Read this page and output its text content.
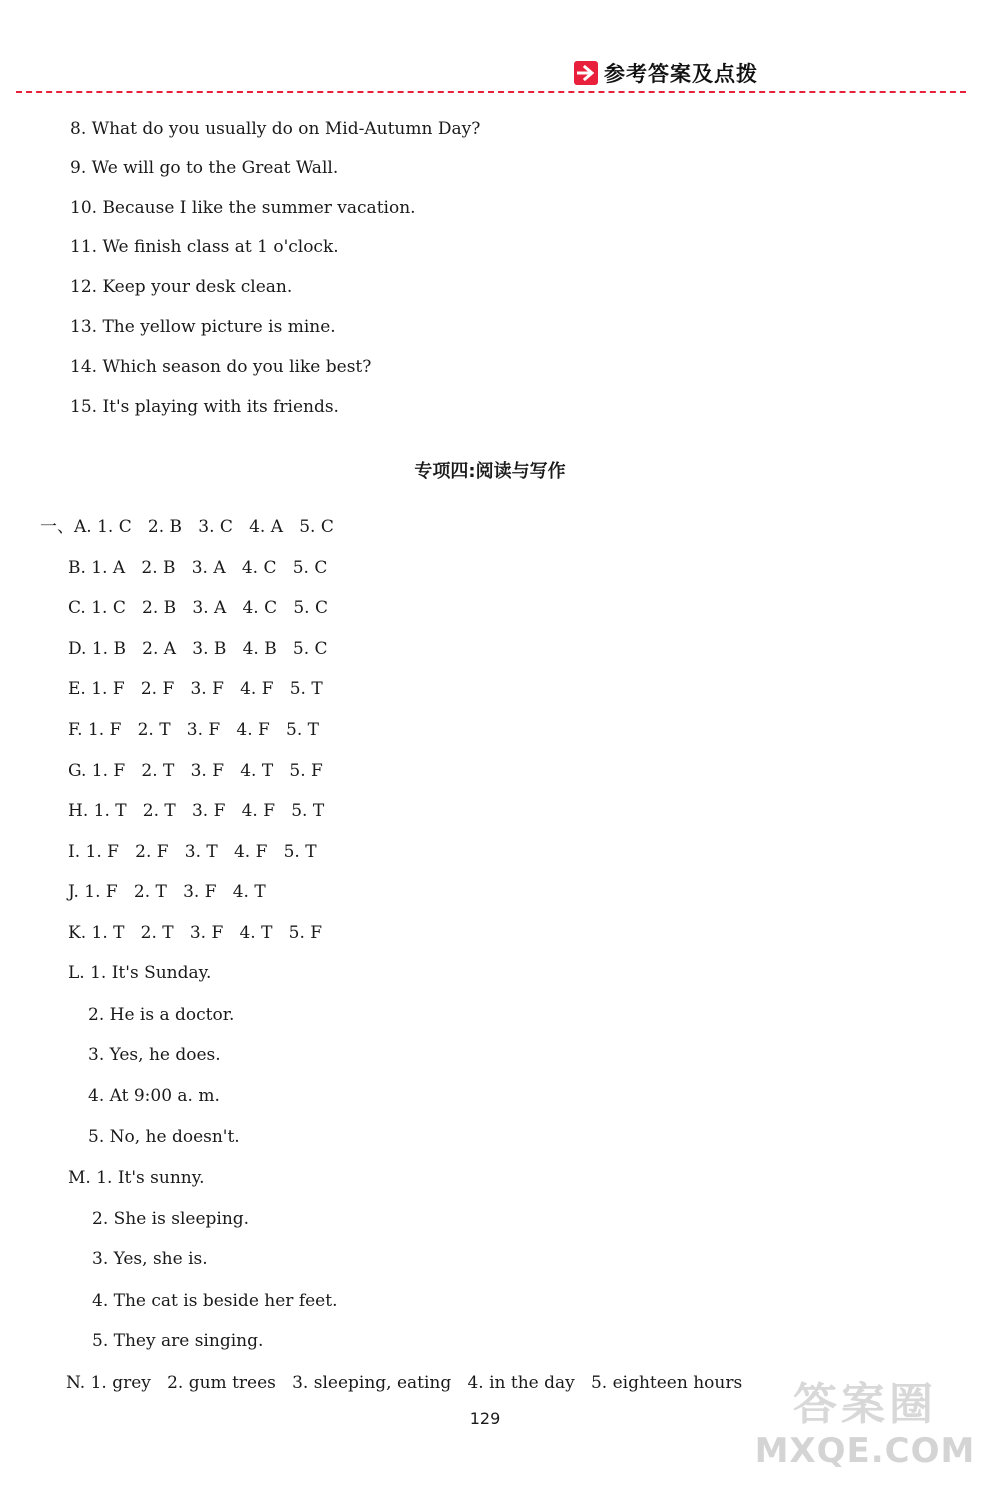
参考答案及点拨
8. What do you usually do on Mid-Autumn Day?
9. We will go to the Great Wall.
10. Because I like the summer vacation.
11. We finish class at 1 o'clock.
12. Keep your desk clean.
13. The yellow picture is mine.
14. Which season do you like best?
15. It's playing with its friends.
专项四:阅读与写作
一、A. 1. C   2. B   3. C   4. A   5. C
B. 1. A   2. B   3. A   4. C   5. C
C. 1. C   2. B   3. A   4. C   5. C
D. 1. B   2. A   3. B   4. B   5. C
E. 1. F   2. F   3. F   4. F   5. T
F. 1. F   2. T   3. F   4. F   5. T
G. 1. F   2. T   3. F   4. T   5. F
H. 1. T   2. T   3. F   4. F   5. T
I. 1. F   2. F   3. T   4. F   5. T
J. 1. F   2. T   3. F   4. T
K. 1. T   2. T   3. F   4. T   5. F
L. 1. It's Sunday.
2. He is a doctor.
3. Yes, he does.
4. At 9:00 a. m.
5. No, he doesn't.
M. 1. It's sunny.
2. She is sleeping.
3. Yes, she is.
4. The cat is beside her feet.
5. They are singing.
N. 1. grey   2. gum trees   3. sleeping, eating   4. in the day   5. eighteen hours
129	答案圈
MXQE.COM
